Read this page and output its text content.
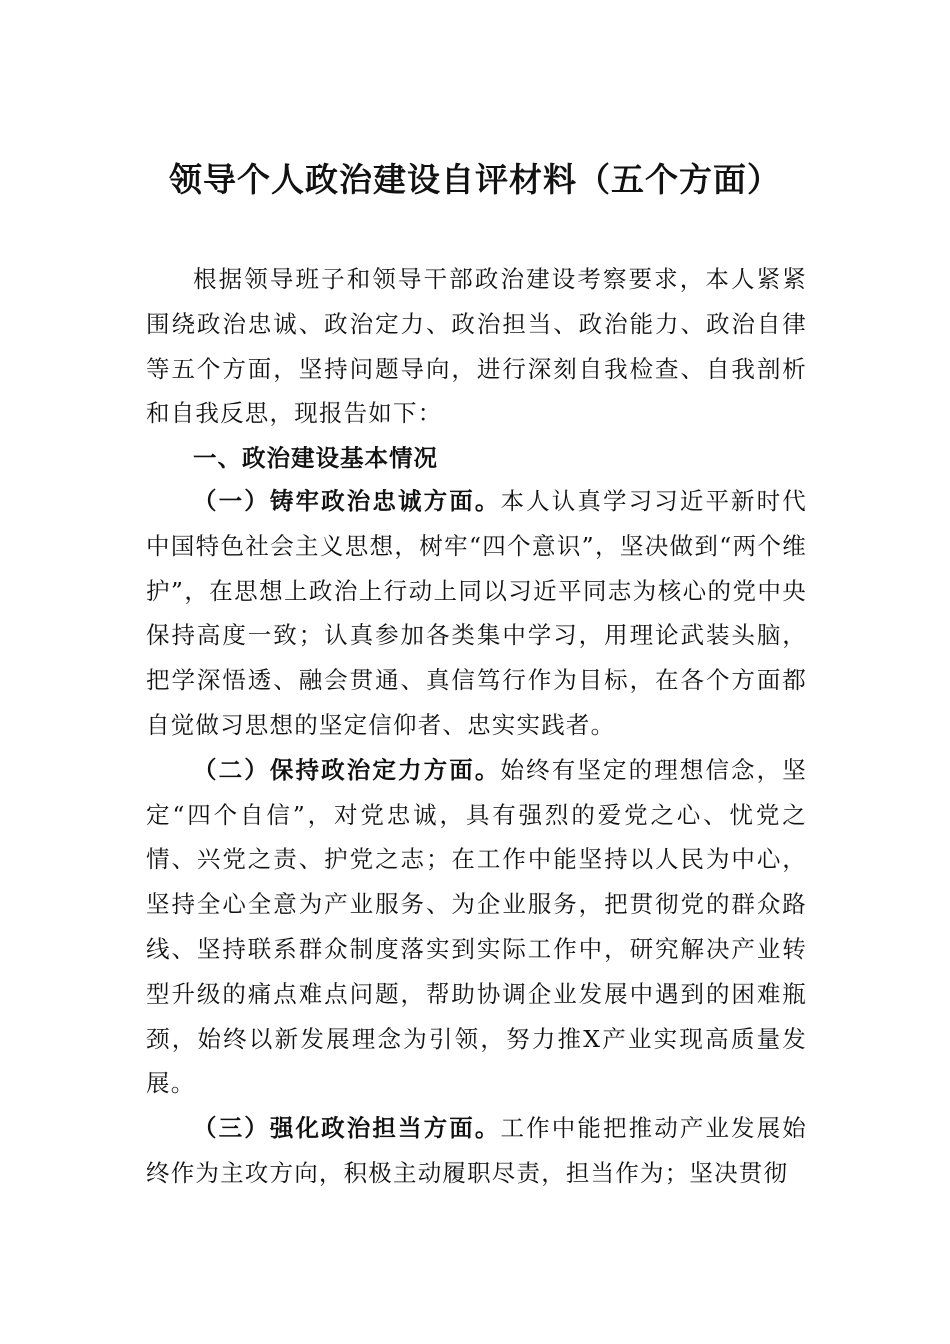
领导个人政治建设自评材料（五个方面）

根据领导班子和领导干部政治建设考察要求，本人紧紧围绕政治忠诚、政治定力、政治担当、政治能力、政治自律等五个方面，坚持问题导向，进行深刻自我检查、自我剖析和自我反思，现报告如下：

一、政治建设基本情况

（一）铸牢政治忠诚方面。本人认真学习习近平新时代中国特色社会主义思想，树牢“四个意识”，坚决做到“两个维护”，在思想上政治上行动上同以习近平同志为核心的党中央保持高度一致；认真参加各类集中学习，用理论武装头脑，把学深悟透、融会贯通、真信笃行作为目标，在各个方面都自觉做习思想的坚定信仰者、忠实实践者。

（二）保持政治定力方面。始终有坚定的理想信念，坚定“四个自信”，对党忠诚，具有强烈的爱党之心、忧党之情、兴党之责、护党之志；在工作中能坚持以人民为中心，坚持全心全意为产业服务、为企业服务，把贯彻党的群众路线、坚持联系群众制度落实到实际工作中，研究解决产业转型升级的痛点难点问题，帮助协调企业发展中遇到的困难瓶颈，始终以新发展理念为引领，努力推X产业实现高质量发展。

（三）强化政治担当方面。工作中能把推动产业发展始终作为主攻方向，积极主动履职尽责，担当作为；坚决贯彻
